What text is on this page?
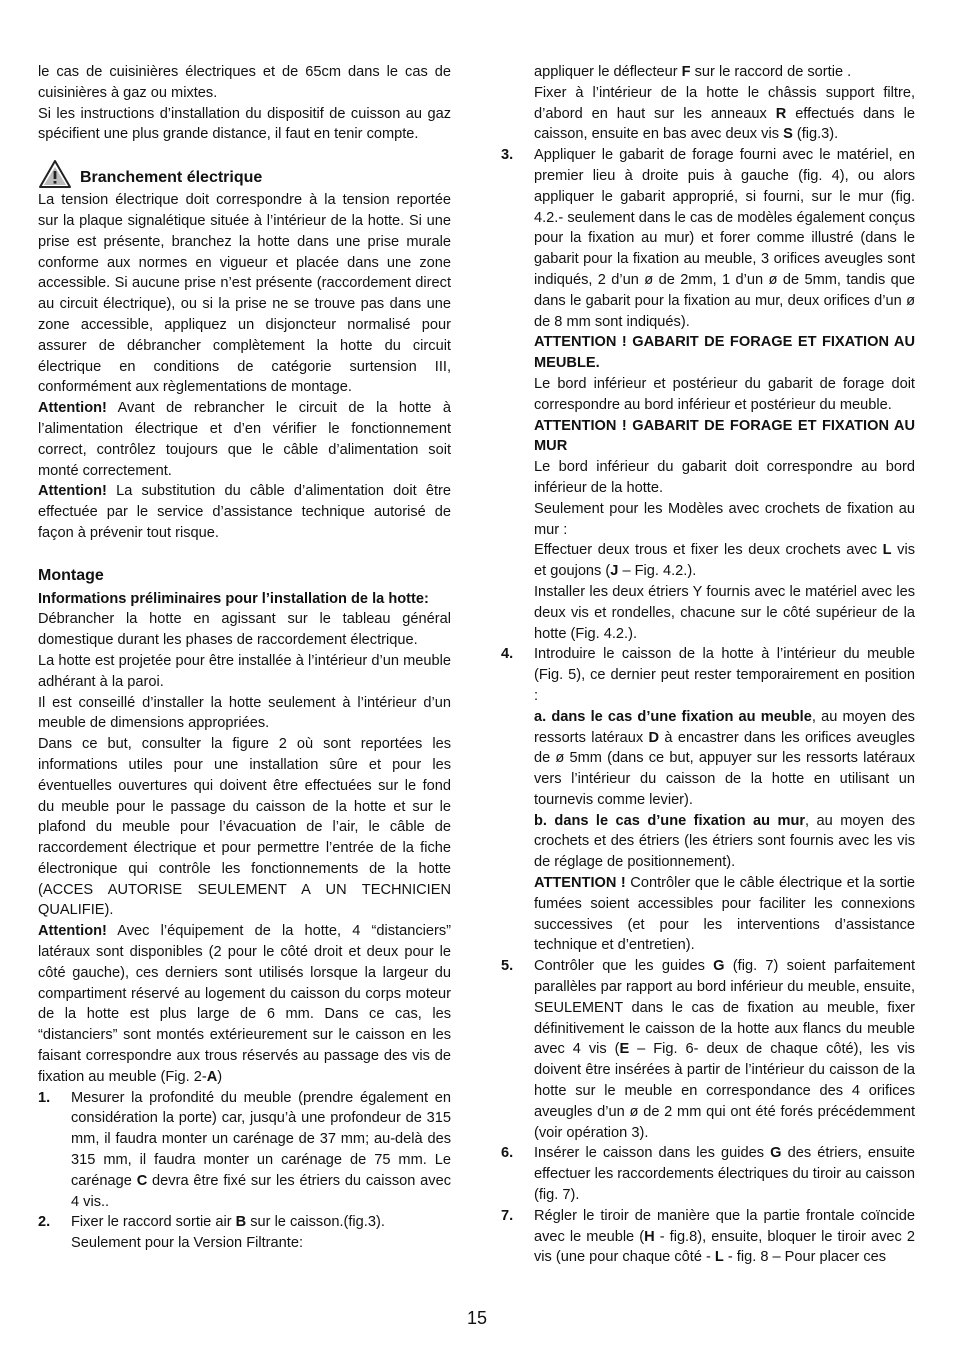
le cas de cuisinières électriques et de 65cm dans le cas de cuisinières à gaz ou mixtes.

Si les instructions d’installation du dispositif de cuisson au gaz spécifient une plus grande distance, il faut en tenir compte.

Branchement électrique

La tension électrique doit correspondre à la tension reportée sur la plaque signalétique située à l’intérieur de la hotte. Si une prise est présente, branchez la hotte dans une prise murale conforme aux normes en vigueur et placée dans une zone accessible. Si aucune prise n’est présente (raccordement direct au circuit électrique), ou si la prise ne se trouve pas dans une zone accessible, appliquez un disjoncteur normalisé pour assurer de débrancher complètement la hotte du circuit électrique en conditions de catégorie surtension III, conformément aux règlementations de montage.

Attention! Avant de rebrancher le circuit de la hotte à l’alimentation électrique et d’en vérifier le fonctionnement correct, contrôlez toujours que le câble d’alimentation soit monté correctement.

Attention! La substitution du câble d’alimentation doit être effectuée par le service d’assistance technique autorisé de façon à prévenir tout risque.

Montage

Informations préliminaires pour l’installation de la hotte:

Débrancher la hotte en agissant sur le tableau général domestique durant les phases de raccordement électrique.

La hotte est projetée pour être installée à l’intérieur d’un meuble adhérant à la paroi.

Il est conseillé d’installer la hotte seulement à l’intérieur d’un meuble de dimensions appropriées.

Dans ce but, consulter la figure 2 où sont reportées les informations utiles pour une installation sûre et pour les éventuelles ouvertures qui doivent être effectuées sur le fond du meuble pour le passage du caisson de la hotte et sur le plafond du meuble pour l’évacuation de l’air, le câble de raccordement électrique et pour permettre l’entrée de la fiche électronique qui contrôle les fonctionnements de la hotte (ACCES AUTORISE SEULEMENT A UN TECHNICIEN QUALIFIE).

Attention! Avec l’équipement de la hotte, 4 “distanciers” latéraux sont disponibles (2 pour le côté droit et deux pour le côté gauche), ces derniers sont utilisés lorsque la largeur du compartiment réservé au logement du caisson du corps moteur de la hotte est plus large de 6 mm. Dans ce cas, les “distanciers” sont montés extérieurement sur le caisson en les faisant correspondre aux trous réservés au passage des vis de fixation au meuble (Fig. 2-A)

1. Mesurer la profondité du meuble (prendre également en considération la porte) car, jusqu’à une profondeur de 315 mm, il faudra monter un carénage de 37 mm; au-delà des 315 mm, il faudra monter un carénage de 75 mm. Le carénage C devra être fixé sur les étriers du caisson avec 4 vis..
2. Fixer le raccord sortie air B sur le caisson.(fig.3).

Seulement pour la Version Filtrante:

appliquer le déflecteur F sur le raccord de sortie .

Fixer à l’intérieur de la hotte le châssis support filtre, d’abord en haut sur les anneaux R effectués dans le caisson, ensuite en bas avec deux vis S (fig.3).

3. Appliquer le gabarit de forage fourni avec le matériel, en premier lieu à droite puis à gauche (fig. 4), ou alors appliquer le gabarit approprié, si fourni, sur le mur (fig. 4.2.- seulement dans le cas de modèles également conçus pour la fixation au mur) et forer comme illustré (dans le gabarit pour la fixation au meuble, 3 orifices aveugles sont indiqués, 2 d’un ø de 2mm, 1 d’un ø de 5mm, tandis que dans le gabarit pour la fixation au mur, deux orifices d’un ø de 8 mm sont indiqués).

ATTENTION ! GABARIT DE FORAGE ET FIXATION AU MEUBLE.

Le bord inférieur et postérieur du gabarit de forage doit correspondre au bord inférieur et postérieur du meuble.

ATTENTION ! GABARIT DE FORAGE ET FIXATION AU MUR

Le bord inférieur du gabarit doit correspondre au bord inférieur de la hotte.

Seulement pour les Modèles avec crochets de fixation au mur :

Effectuer deux trous et fixer les deux crochets avec L vis et goujons (J – Fig. 4.2.).

Installer les deux étriers Y fournis avec le matériel avec les deux vis et rondelles, chacune sur le côté supérieur de la hotte (Fig. 4.2.).

4. Introduire le caisson de la hotte à l’intérieur du meuble (Fig. 5), ce dernier peut rester temporairement en position :

a. dans le cas d’une fixation au meuble, au moyen des ressorts latéraux D à encastrer dans les orifices aveugles de ø 5mm (dans ce but, appuyer sur les ressorts latéraux vers l’intérieur du caisson de la hotte en utilisant un tournevis comme levier).

b. dans le cas d’une fixation au mur, au moyen des crochets et des étriers (les étriers sont fournis avec les vis de réglage de positionnement).

ATTENTION ! Contrôler que le câble électrique et la sortie fumées soient accessibles pour faciliter les connexions successives (et pour les interventions d’assistance technique et d’entretien).

5. Contrôler que les guides G (fig. 7) soient parfaitement parallèles par rapport au bord inférieur du meuble, ensuite, SEULEMENT dans le cas de fixation au meuble, fixer définitivement le caisson de la hotte aux flancs du meuble avec 4 vis (E – Fig. 6- deux de chaque côté), les vis doivent être insérées à partir de l’intérieur du caisson de la hotte sur le meuble en correspondance des 4 orifices aveugles d’un ø de 2 mm qui ont été forés précédemment (voir opération 3).
6. Insérer le caisson dans les guides G des étriers, ensuite effectuer les raccordements électriques du tiroir au caisson (fig. 7).
7. Régler le tiroir de manière que la partie frontale coïncide avec le meuble (H - fig.8), ensuite, bloquer le tiroir avec 2 vis (une pour chaque côté - L - fig. 8 – Pour placer ces
15
